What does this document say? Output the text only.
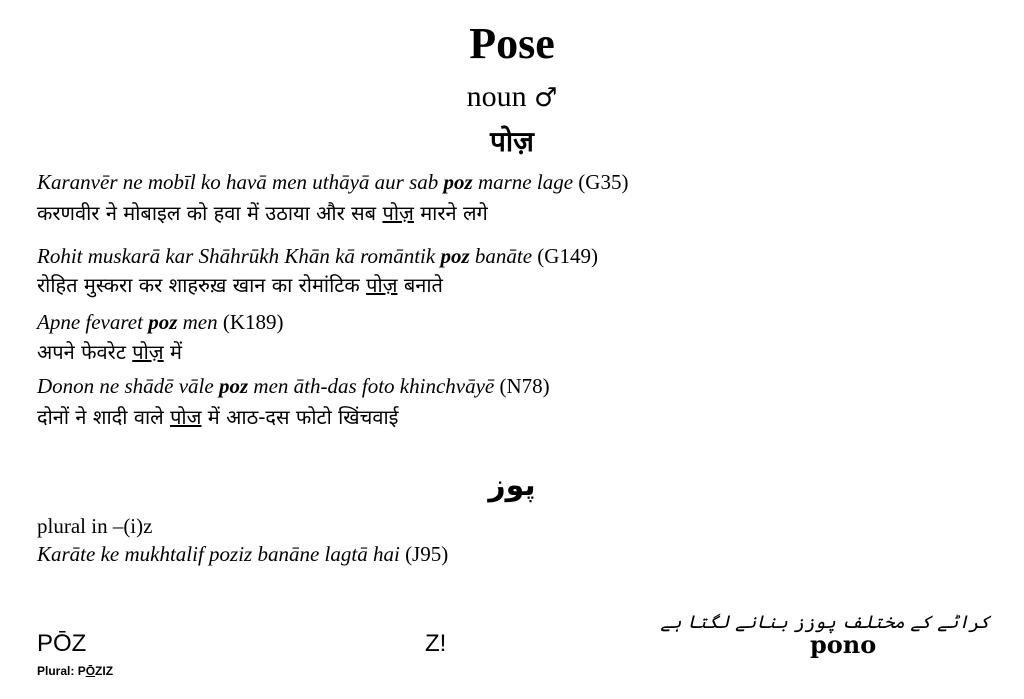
Pose
noun ♂
पोज़
Karanvēr ne mobīl ko havā men uthāyā aur sab poz marne lage (G35)
करणवीर ने मोबाइल को हवा में उठाया और सब पोज़ मारने लगे
Rohit muskarā kar Shāhrūkh Khān kā romāntik poz banāte (G149)
रोहित मुस्करा कर शाहरुख़ खान का रोमांटिक पोज़ बनाते
Apne fevaret poz men (K189)
अपने फेवरेट पोज़ में
Donon ne shādē vāle poz men āth-das foto khinchvāyē (N78)
दोनों ने शादी वाले पोज में आठ-दस फोटो खिंचवाई
پوز
plural in –(i)z
Karāte ke mukhtalif poziz banāne lagtā hai (J95)
کراٹے کے مختلف پوزز بنانے لگتا ہے
PŌZ
Plural: PŌZIZ
Z!	pono
